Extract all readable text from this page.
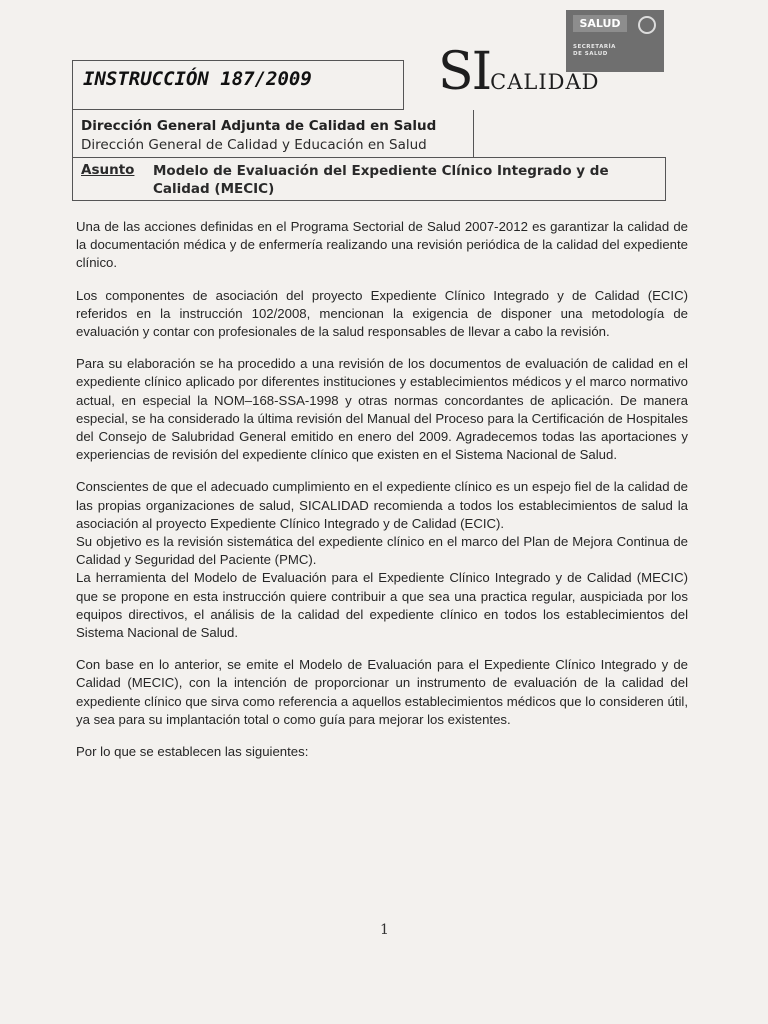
SALUD
SECRETARÍA
DE SALUD
SICALIDAD
INSTRUCCIÓN 187/2009
Dirección General Adjunta de Calidad en Salud
Dirección General de Calidad y Educación en Salud
Asunto Modelo de Evaluación del Expediente Clínico Integrado y de Calidad (MECIC)

Una de las acciones definidas en el Programa Sectorial de Salud 2007-2012 es garantizar la calidad de la documentación médica y de enfermería realizando una revisión periódica de la calidad del expediente clínico.

Los componentes de asociación del proyecto Expediente Clínico Integrado y de Calidad (ECIC) referidos en la instrucción 102/2008, mencionan la exigencia de disponer una metodología de evaluación y contar con profesionales de la salud responsables de llevar a cabo la revisión.

Para su elaboración se ha procedido a una revisión de los documentos de evaluación de calidad en el expediente clínico aplicado por diferentes instituciones y establecimientos médicos y el marco normativo actual, en especial la NOM–168-SSA-1998 y otras normas concordantes de aplicación. De manera especial, se ha considerado la última revisión del Manual del Proceso para la Certificación de Hospitales del Consejo de Salubridad General emitido en enero del 2009. Agradecemos todas las aportaciones y experiencias de revisión del expediente clínico que existen en el Sistema Nacional de Salud.

Conscientes de que el adecuado cumplimiento en el expediente clínico es un espejo fiel de la calidad de las propias organizaciones de salud, SICALIDAD recomienda a todos los establecimientos de salud la asociación al proyecto Expediente Clínico Integrado y de Calidad (ECIC).

Su objetivo es la revisión sistemática del expediente clínico en el marco del Plan de Mejora Continua de Calidad y Seguridad del Paciente (PMC).

La herramienta del Modelo de Evaluación para el Expediente Clínico Integrado y de Calidad (MECIC) que se propone en esta instrucción quiere contribuir a que sea una practica regular, auspiciada por los equipos directivos, el análisis de la calidad del expediente clínico en todos los establecimientos del Sistema Nacional de Salud.

Con base en lo anterior, se emite el Modelo de Evaluación para el Expediente Clínico Integrado y de Calidad (MECIC), con la intención de proporcionar un instrumento de evaluación de la calidad del expediente clínico que sirva como referencia a aquellos establecimientos médicos que lo consideren útil, ya sea para su implantación total o como guía para mejorar los existentes.

Por lo que se establecen las siguientes:

1
